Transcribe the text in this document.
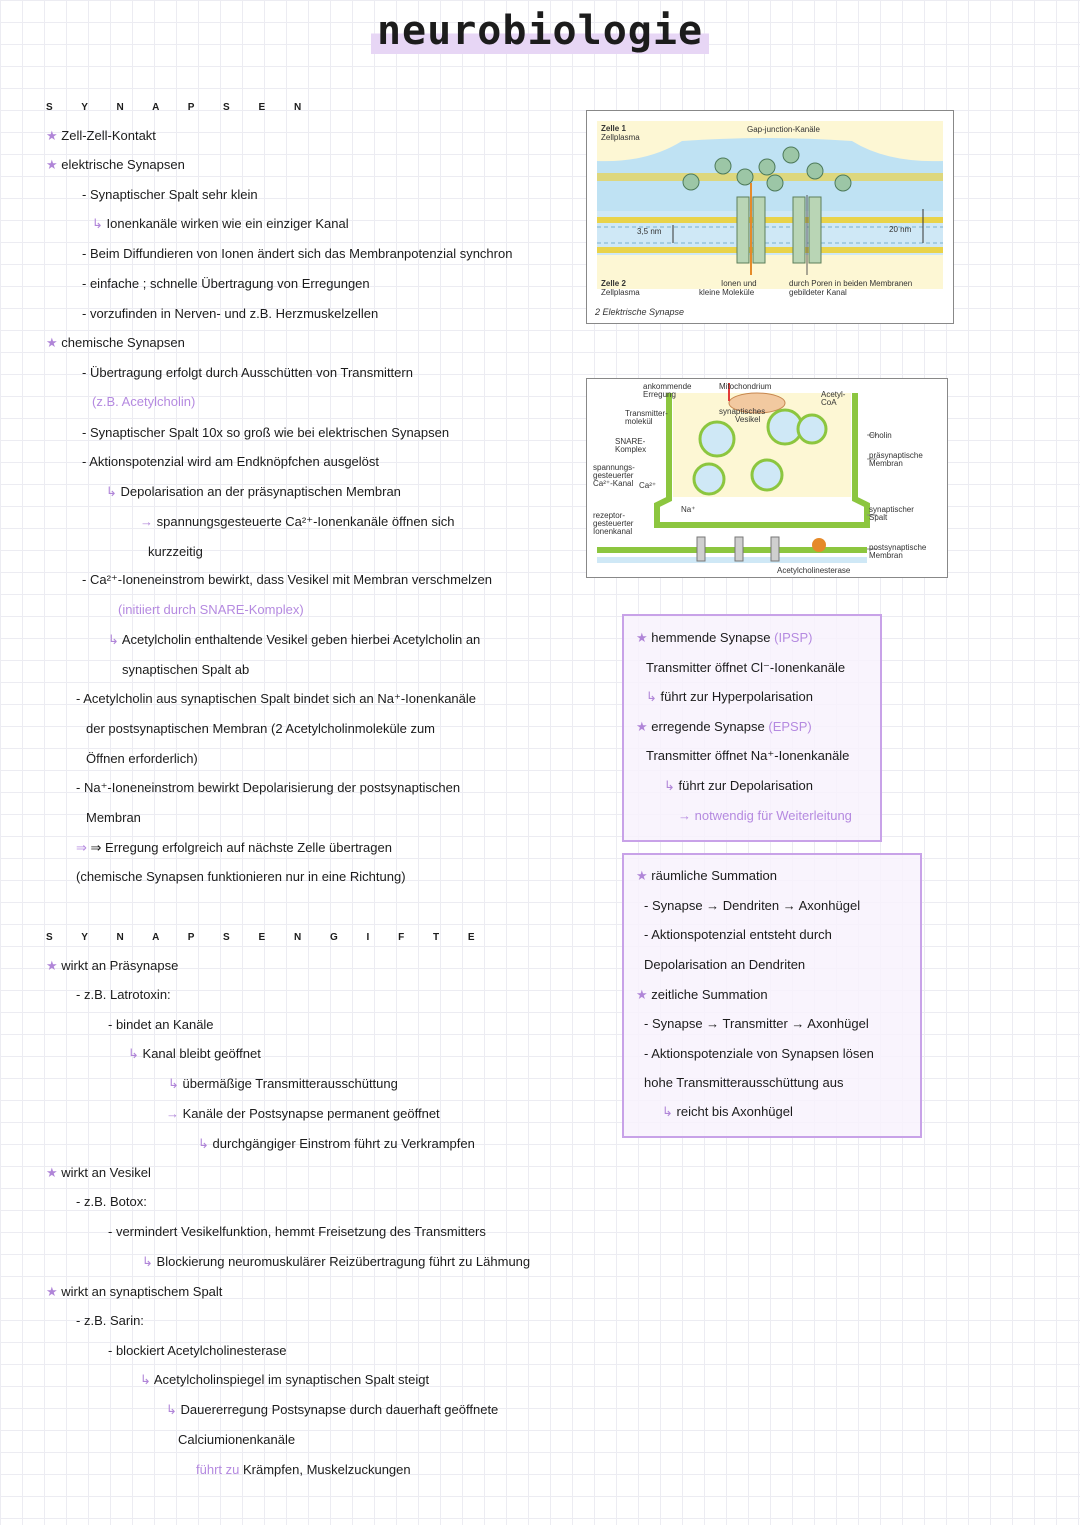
neurobiologie
S Y N A P S E N
★ Zell-Zell-Kontakt
★ elektrische Synapsen
- Synaptischer Spalt sehr klein
↳ Ionenkanäle wirken wie ein einziger Kanal
- Beim Diffundieren von Ionen ändert sich das Membranpotenzial synchron
- einfache ; schnelle Übertragung von Erregungen
- vorzufinden in Nerven- und z.B. Herzmuskelzellen
★ chemische Synapsen
- Übertragung erfolgt durch Ausschütten von Transmittern
(z.B. Acetylcholin)
- Synaptischer Spalt 10x so groß wie bei elektrischen Synapsen
- Aktionspotenzial wird am Endknöpfchen ausgelöst
↳ Depolarisation an der präsynaptischen Membran
→ spannungsgesteuerte Ca²⁺-Ionenkanäle öffnen sich
kurzzeitig
- Ca²⁺-Ioneneinstrom bewirkt, dass Vesikel mit Membran verschmelzen
(initiiert durch SNARE-Komplex)
↳ Acetylcholin enthaltende Vesikel geben hierbei Acetylcholin an
synaptischen Spalt ab
- Acetylcholin aus synaptischen Spalt bindet sich an Na⁺-Ionenkanäle
der postsynaptischen Membran (2 Acetylcholinmoleküle zum
Öffnen erforderlich)
- Na⁺-Ioneneinstrom bewirkt Depolarisierung der postsynaptischen
Membran
⇒ ⇒ Erregung erfolgreich auf nächste Zelle übertragen
(chemische Synapsen funktionieren nur in eine Richtung)
S Y N A P S E N G I F T E
★ wirkt an Präsynapse
- z.B. Latrotoxin:
- bindet an Kanäle
↳ Kanal bleibt geöffnet
↳ übermäßige Transmitterausschüttung
→ Kanäle der Postsynapse permanent geöffnet
↳ durchgängiger Einstrom führt zu Verkrampfen
★ wirkt an Vesikel
- z.B. Botox:
- vermindert Vesikelfunktion, hemmt Freisetzung des Transmitters
↳ Blockierung neuromuskulärer Reizübertragung führt zu Lähmung
★ wirkt an synaptischem Spalt
- z.B. Sarin:
- blockiert Acetylcholinesterase
↳ Acetylcholinspiegel im synaptischen Spalt steigt
↳ Dauererregung Postsynapse durch dauerhaft geöffnete
Calciumionenkanäle
führt zu Krämpfen, Muskelzuckungen
Zelle 1
Zellplasma
Gap-junction-Kanäle
3,5 nm	20 nm
Zelle 2
Zellplasma
Ionen und
kleine Moleküle
durch Poren in beiden Membranen
gebildeter Kanal
2 Elektrische Synapse
ankommende
Erregung
Mitochondrium
Acetyl-
CoA
Transmitter-
molekül
synaptisches
Vesikel
Cholin
SNARE-
Komplex
präsynaptische
Membran
spannungs-
gesteuerter
Ca²⁺-Kanal Ca²⁺
Na⁺	synaptischer
Spalt
rezeptor-
gesteuerter
Ionenkanal
postsynaptische
Membran
Acetylcholinesterase
★ hemmende Synapse (IPSP)
Transmitter öffnet Cl⁻-Ionenkanäle
↳ führt zur Hyperpolarisation
★ erregende Synapse (EPSP)
Transmitter öffnet Na⁺-Ionenkanäle
↳ führt zur Depolarisation
→ notwendig für Weiterleitung
★ räumliche Summation
- Synapse → Dendriten → Axonhügel
- Aktionspotenzial entsteht durch
Depolarisation an Dendriten
★ zeitliche Summation
- Synapse → Transmitter → Axonhügel
- Aktionspotenziale von Synapsen lösen
hohe Transmitterausschüttung aus
↳ reicht bis Axonhügel
